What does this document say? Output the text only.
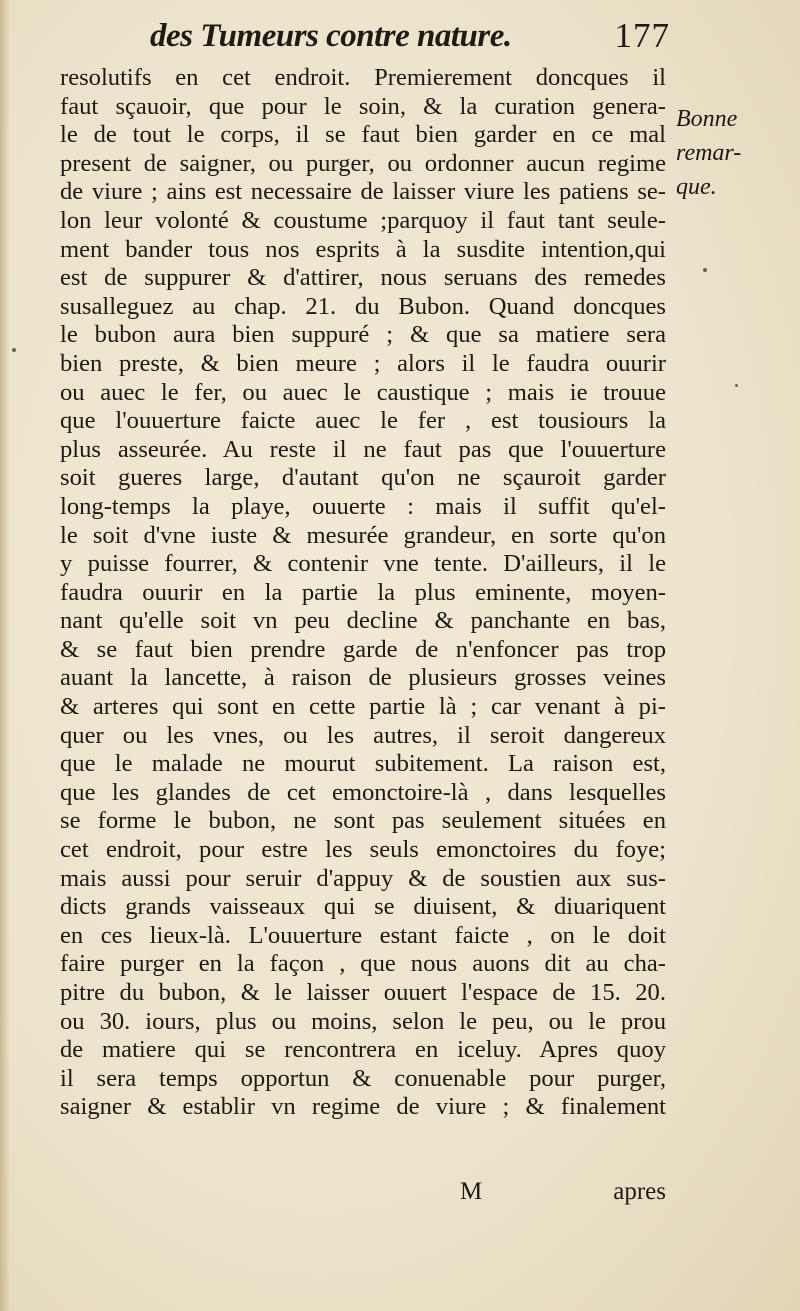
des Tumeurs contre nature.	177
Bonne
remar-
que.
resolutifs en cet endroit. Premierement doncques il
faut sçauoir, que pour le soin, & la curation genera-
le de tout le corps, il se faut bien garder en ce mal
present de saigner, ou purger, ou ordonner aucun regime
de viure ; ains est necessaire de laisser viure les patiens se-
lon leur volonté & coustume ;parquoy il faut tant seule-
ment bander tous nos esprits à la susdite intention,qui
est de suppurer & d'attirer, nous seruans des remedes
susalleguez au chap. 21. du Bubon. Quand doncques
le bubon aura bien suppuré ; & que sa matiere sera
bien preste, & bien meure ; alors il le faudra ouurir
ou auec le fer, ou auec le caustique ; mais ie trouue
que l'ouuerture faicte auec le fer , est tousiours la
plus asseurée. Au reste il ne faut pas que l'ouuerture
soit gueres large, d'autant qu'on ne sçauroit garder
long-temps la playe, ouuerte : mais il suffit qu'el-
le soit d'vne iuste & mesurée grandeur, en sorte qu'on
y puisse fourrer, & contenir vne tente. D'ailleurs, il le
faudra ouurir en la partie la plus eminente, moyen-
nant qu'elle soit vn peu decline & panchante en bas,
& se faut bien prendre garde de n'enfoncer pas trop
auant la lancette, à raison de plusieurs grosses veines
& arteres qui sont en cette partie là ; car venant à pi-
quer ou les vnes, ou les autres, il seroit dangereux
que le malade ne mourut subitement. La raison est,
que les glandes de cet emonctoire-là , dans lesquelles
se forme le bubon, ne sont pas seulement situées en
cet endroit, pour estre les seuls emonctoires du foye;
mais aussi pour seruir d'appuy & de soustien aux sus-
dicts grands vaisseaux qui se diuisent, & diuariquent
en ces lieux-là. L'ouuerture estant faicte , on le doit
faire purger en la façon , que nous auons dit au cha-
pitre du bubon, & le laisser ouuert l'espace de 15. 20.
ou 30. iours, plus ou moins, selon le peu, ou le prou
de matiere qui se rencontrera en iceluy. Apres quoy
il sera temps opportun & conuenable pour purger,
saigner & establir vn regime de viure ; & finalement
M	apres
